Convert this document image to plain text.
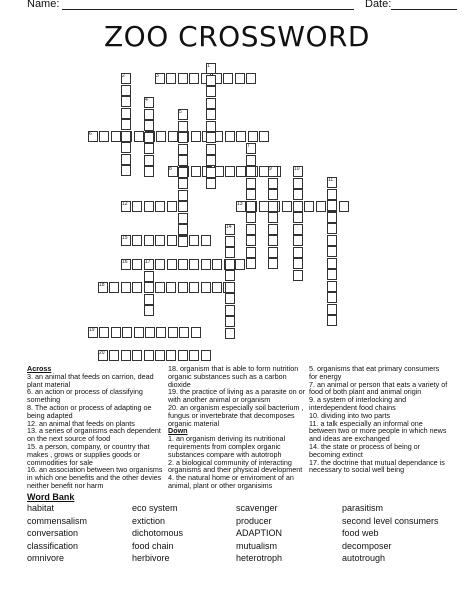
Name:	Date:
ZOO CROSSWORD
1
2	3
4
5
6
7
8	9	10
11
12	13
14
15
16	17
18
19
20
Across
3. an animal that feeds on carrion, dead plant material
6. an action or process of classifying something
8. The action or process of adapting oe being adapted
12. an animal that feeds on plants
13. a series of organisms each dependent on the next source of food
15. a person, company, or country that makes , grows or supplies goods or commodities for sale
16. an association between two organisms in which one benefits and the other devies neither benefit nor harm
18. organism that is able to form nutrition organic substances such as a carbon dioxide
19. the practice of living as a parasite on or with another animal or organism
20. an organism especially soil bacterium , fungus or invertebrate that decomposes organic material
Down
1. an organism deriving its nutritional requirements from complex organic substances compare with autotroph
2. a biological community of interacting organisms and their physical development
4. the natural home or enviroment of an animal, plant or other organisims
5. organisms that eat primary consumers for energy
7. an animal or person that eats a variety of food of both plant and animal origin
9. a system of interlocking and interdependent food chains
10. dividing into two parts
11. a talk especially an informal one between two or more people in which news and ideas are exchanged
14. the state or process of being or becoming extinct
17. the doctrine that mutual dependance is necessary to social well being
Word Bank
habitat
commensalism
conversation
classification
omnivore
eco system
extiction
dichotomous
food chain
herbivore
scavenger
producer
ADAPTION
mutualism
heterotroph
parasitism
second level consumers
food web
decomposer
autotrough
